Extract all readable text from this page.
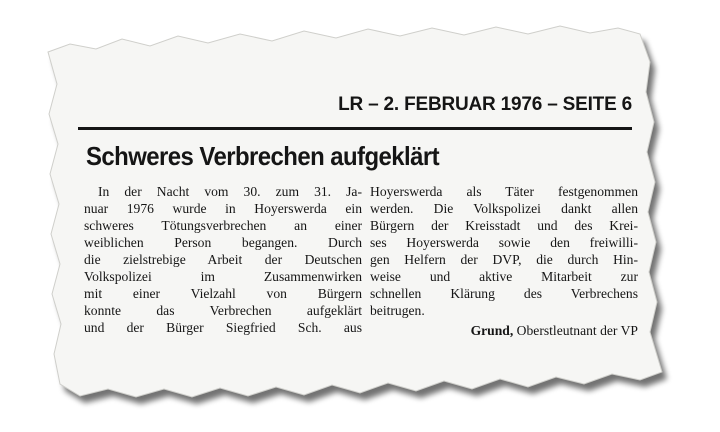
LR – 2. FEBRUAR 1976 – SEITE 6
Schweres Verbrechen aufgeklärt
In der Nacht vom 30. zum 31. Ja-
nuar 1976 wurde in Hoyerswerda ein
schweres Tötungsverbrechen an einer
weiblichen Person begangen. Durch
die zielstrebige Arbeit der Deutschen
Volkspolizei im Zusammenwirken
mit einer Vielzahl von Bürgern
konnte das Verbrechen aufgeklärt
und der Bürger Siegfried Sch. aus
Hoyerswerda als Täter festgenommen
werden. Die Volkspolizei dankt allen
Bürgern der Kreisstadt und des Krei-
ses Hoyerswerda sowie den freiwilli-
gen Helfern der DVP, die durch Hin-
weise und aktive Mitarbeit zur
schnellen Klärung des Verbrechens
beitrugen.
Grund, Oberstleutnant der VP
